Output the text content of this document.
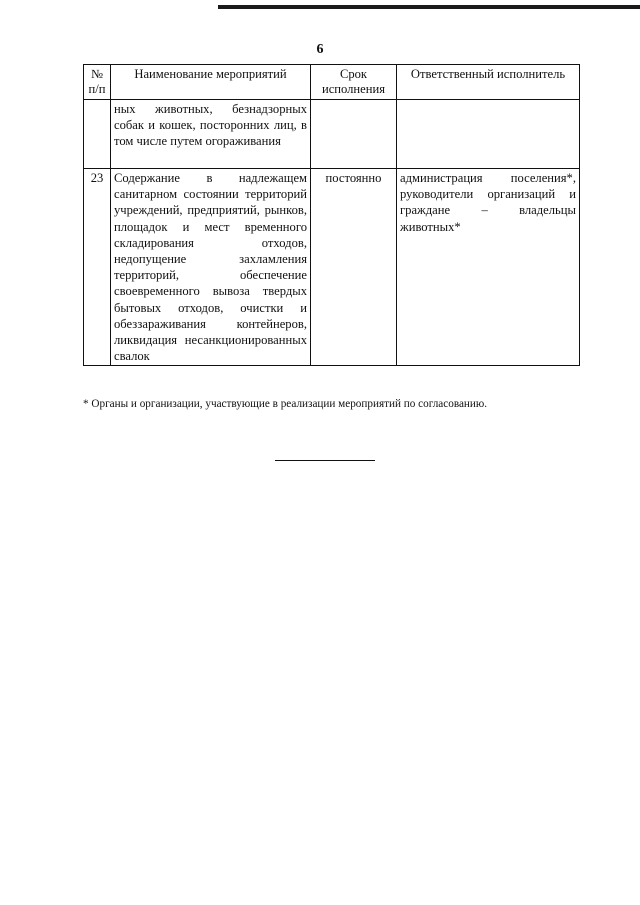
6
№ п/п	Наименование мероприятий	Срок исполнения	Ответственный исполнитель
	ных животных, безнадзорных собак и кошек, посторонних лиц, в том числе путем огораживания		
23	Содержание в надлежащем санитарном состоянии территорий учреждений, предприятий, рынков, площадок и мест временного складирования отходов, недопущение захламления территорий, обеспечение своевременного вывоза твердых бытовых отходов, очистки и обеззараживания контейнеров, ликвидация несанкционированных свалок	постоянно	администрация поселения*, руководители организаций и граждане – владельцы животных*
* Органы и организации, участвующие в реализации мероприятий по согласованию.
